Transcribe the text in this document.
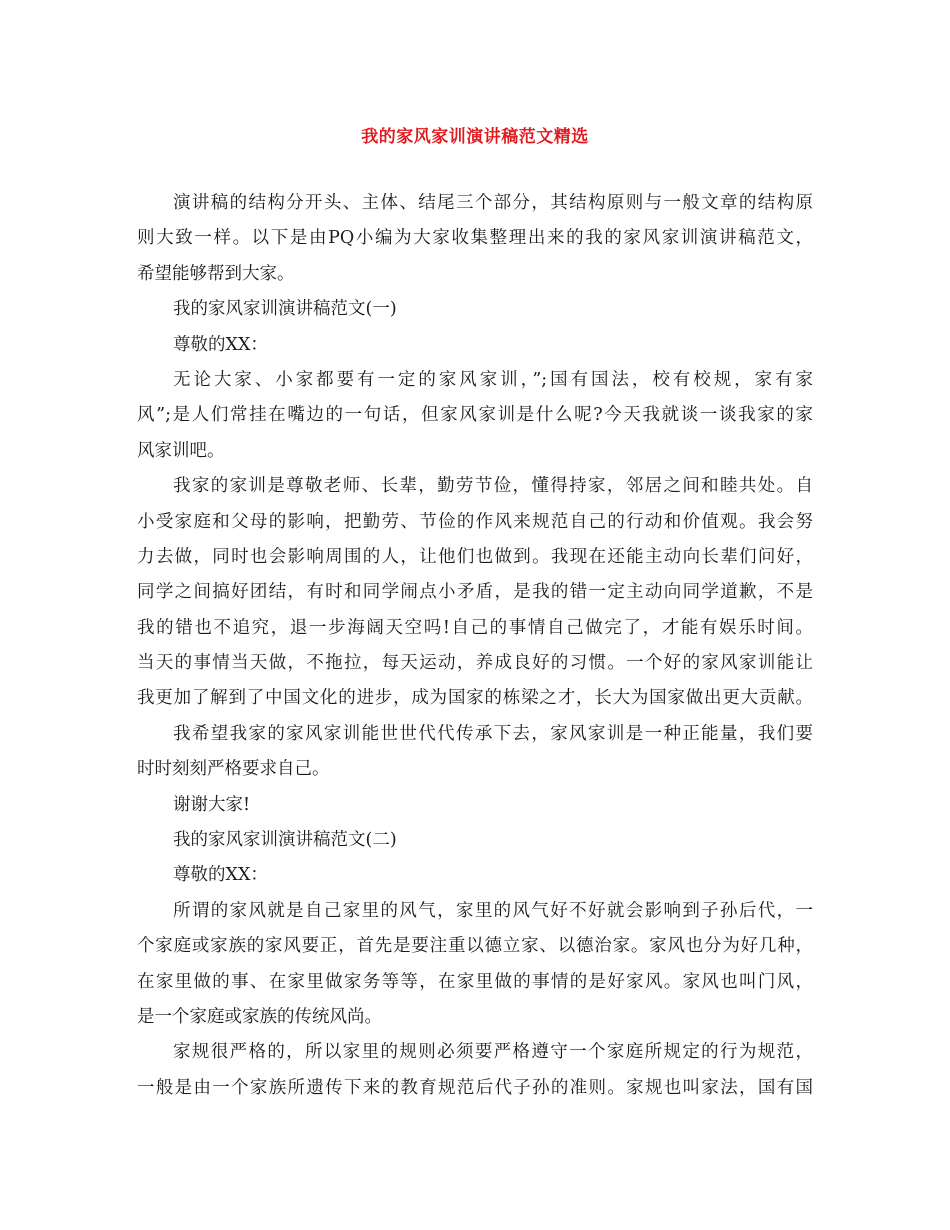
我的家风家训演讲稿范文精选
演讲稿的结构分开头、主体、结尾三个部分，其结构原则与一般文章的结构原
则大致一样。以下是由PQ小编为大家收集整理出来的我的家风家训演讲稿范文，
希望能够帮到大家。
我的家风家训演讲稿范文(一)
尊敬的XX：
无论大家、小家都要有一定的家风家训，”;国有国法，校有校规，家有家
风”;是人们常挂在嘴边的一句话，但家风家训是什么呢?今天我就谈一谈我家的家
风家训吧。
我家的家训是尊敬老师、长辈，勤劳节俭，懂得持家，邻居之间和睦共处。自
小受家庭和父母的影响，把勤劳、节俭的作风来规范自己的行动和价值观。我会努
力去做，同时也会影响周围的人，让他们也做到。我现在还能主动向长辈们问好，
同学之间搞好团结，有时和同学闹点小矛盾，是我的错一定主动向同学道歉，不是
我的错也不追究，退一步海阔天空吗!自己的事情自己做完了，才能有娱乐时间。
当天的事情当天做，不拖拉，每天运动，养成良好的习惯。一个好的家风家训能让
我更加了解到了中国文化的进步，成为国家的栋梁之才，长大为国家做出更大贡献。
我希望我家的家风家训能世世代代传承下去，家风家训是一种正能量，我们要
时时刻刻严格要求自己。
谢谢大家!
我的家风家训演讲稿范文(二)
尊敬的XX：
所谓的家风就是自己家里的风气，家里的风气好不好就会影响到子孙后代，一
个家庭或家族的家风要正，首先是要注重以德立家、以德治家。家风也分为好几种，
在家里做的事、在家里做家务等等，在家里做的事情的是好家风。家风也叫门风，
是一个家庭或家族的传统风尚。
家规很严格的，所以家里的规则必须要严格遵守一个家庭所规定的行为规范，
一般是由一个家族所遗传下来的教育规范后代子孙的准则。家规也叫家法，国有国
